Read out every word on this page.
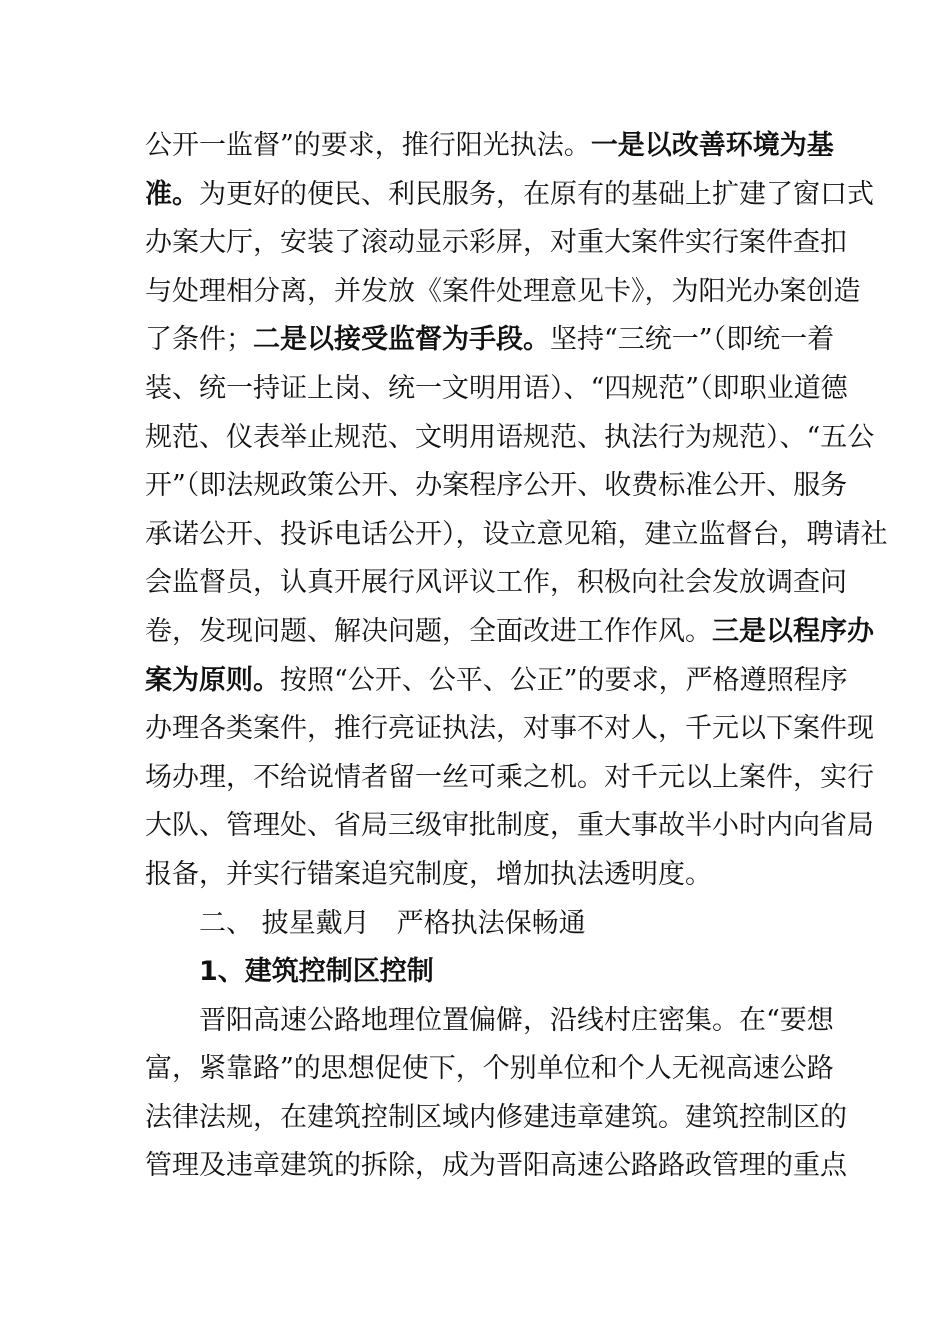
公开一监督”的要求，推行阳光执法。一是以改善环境为基
准。为更好的便民、利民服务，在原有的基础上扩建了窗口式
办案大厅，安装了滚动显示彩屏，对重大案件实行案件查扣
与处理相分离，并发放《案件处理意见卡》，为阳光办案创造
了条件；二是以接受监督为手段。坚持“三统一”（即统一着
装、统一持证上岗、统一文明用语）、“四规范”（即职业道德
规范、仪表举止规范、文明用语规范、执法行为规范）、“五公
开”（即法规政策公开、办案程序公开、收费标准公开、服务
承诺公开、投诉电话公开），设立意见箱，建立监督台，聘请社
会监督员，认真开展行风评议工作，积极向社会发放调查问
卷，发现问题、解决问题，全面改进工作作风。三是以程序办
案为原则。按照“公开、公平、公正”的要求，严格遵照程序
办理各类案件，推行亮证执法，对事不对人，千元以下案件现
场办理，不给说情者留一丝可乘之机。对千元以上案件，实行
大队、管理处、省局三级审批制度，重大事故半小时内向省局
报备，并实行错案追究制度，增加执法透明度。
二、 披星戴月　严格执法保畅通
1、建筑控制区控制
晋阳高速公路地理位置偏僻，沿线村庄密集。在“要想
富，紧靠路”的思想促使下，个别单位和个人无视高速公路
法律法规，在建筑控制区域内修建违章建筑。建筑控制区的
管理及违章建筑的拆除，成为晋阳高速公路路政管理的重点
